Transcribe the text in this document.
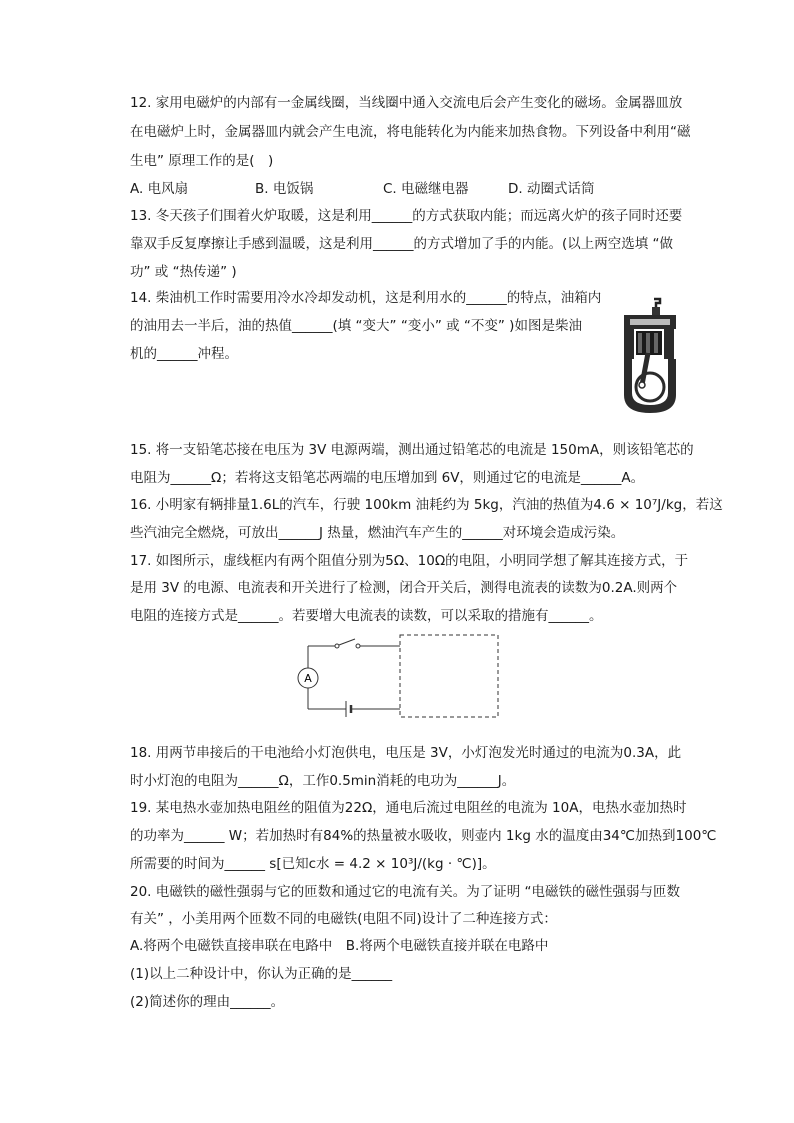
12. 家用电磁炉的内部有一金属线圈，当线圈中通入交流电后会产生变化的磁场。金属器皿放
在电磁炉上时，金属器皿内就会产生电流，将电能转化为内能来加热食物。下列设备中利用“磁
生电” 原理工作的是(　)
A. 电风扇	B. 电饭锅	C. 电磁继电器	D. 动圈式话筒
13. 冬天孩子们围着火炉取暖，这是利用______的方式获取内能；而远离火炉的孩子同时还要
靠双手反复摩擦让手感到温暖，这是利用______的方式增加了手的内能。(以上两空选填 “做
功” 或 “热传递” )
14. 柴油机工作时需要用冷水冷却发动机，这是利用水的______的特点，油箱内
的油用去一半后，油的热值______(填 “变大” “变小” 或 “不变” )如图是柴油
机的______冲程。
15. 将一支铅笔芯接在电压为 3V 电源两端，测出通过铅笔芯的电流是 150mA，则该铅笔芯的
电阻为______Ω；若将这支铅笔芯两端的电压增加到 6V，则通过它的电流是______A。
16. 小明家有辆排量1.6L的汽车，行驶 100km 油耗约为 5kg，汽油的热值为4.6 × 10⁷J/kg，若这
些汽油完全燃烧，可放出______J 热量，燃油汽车产生的______对环境会造成污染。
17. 如图所示，虚线框内有两个阻值分别为5Ω、10Ω的电阻，小明同学想了解其连接方式，于
是用 3V 的电源、电流表和开关进行了检测，闭合开关后，测得电流表的读数为0.2A.则两个
电阻的连接方式是______。若要增大电流表的读数，可以采取的措施有______。
A
18. 用两节串接后的干电池给小灯泡供电，电压是 3V，小灯泡发光时通过的电流为0.3A，此
时小灯泡的电阻为______Ω，工作0.5min消耗的电功为______J。
19. 某电热水壶加热电阻丝的阻值为22Ω，通电后流过电阻丝的电流为 10A，电热水壶加热时
的功率为______ W；若加热时有84%的热量被水吸收，则壶内 1kg 水的温度由34℃加热到100℃
所需要的时间为______ s[已知c水 = 4.2 × 10³J/(kg · ℃)]。
20. 电磁铁的磁性强弱与它的匝数和通过它的电流有关。为了证明 “电磁铁的磁性强弱与匝数
有关” ，小美用两个匝数不同的电磁铁(电阻不同)设计了二种连接方式：
A.将两个电磁铁直接串联在电路中　B.将两个电磁铁直接并联在电路中
(1)以上二种设计中，你认为正确的是______
(2)简述你的理由______。
